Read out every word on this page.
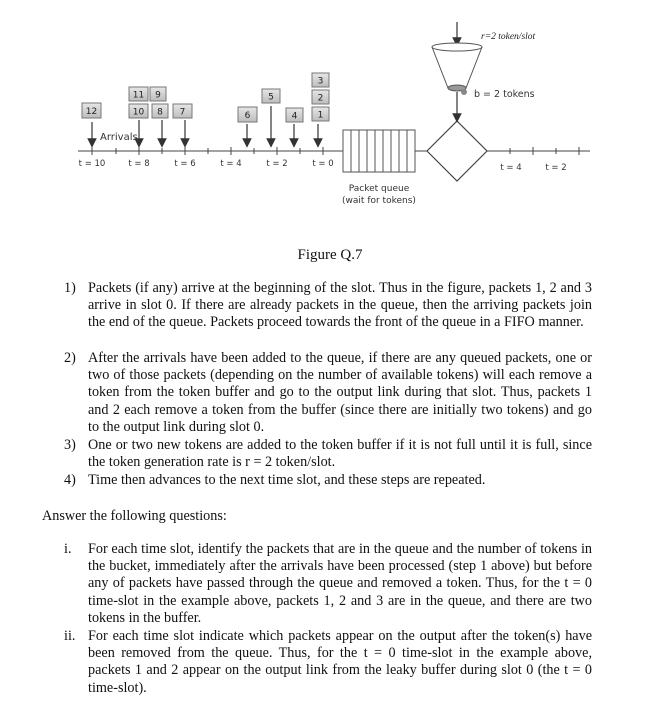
12
11 9
10 8 7	6
5
4
3
2
1
Arrivals
t = 10	t = 8	t = 6	t = 4	t = 2	t = 0
Packet queue
(wait for tokens)
t = 4	t = 2
r=2 token/slot
b = 2 tokens
Figure Q.7
1) Packets (if any) arrive at the beginning of the slot. Thus in the figure, packets 1, 2 and 3 arrive in slot 0. If there are already packets in the queue, then the arriving packets join the end of the queue. Packets proceed towards the front of the queue in a FIFO manner.
2) After the arrivals have been added to the queue, if there are any queued packets, one or two of those packets (depending on the number of available tokens) will each remove a token from the token buffer and go to the output link during that slot. Thus, packets 1 and 2 each remove a token from the buffer (since there are initially two tokens) and go to the output link during slot 0.
3) One or two new tokens are added to the token buffer if it is not full until it is full, since the token generation rate is r = 2 token/slot.
4) Time then advances to the next time slot, and these steps are repeated.
Answer the following questions:
i.	For each time slot, identify the packets that are in the queue and the number of tokens in the bucket, immediately after the arrivals have been processed (step 1 above) but before any of packets have passed through the queue and removed a token. Thus, for the t = 0 time-slot in the example above, packets 1, 2 and 3 are in the queue, and there are two tokens in the buffer.
ii. For each time slot indicate which packets appear on the output after the token(s) have been removed from the queue. Thus, for the t = 0 time-slot in the example above, packets 1 and 2 appear on the output link from the leaky buffer during slot 0 (the t = 0 time-slot).
